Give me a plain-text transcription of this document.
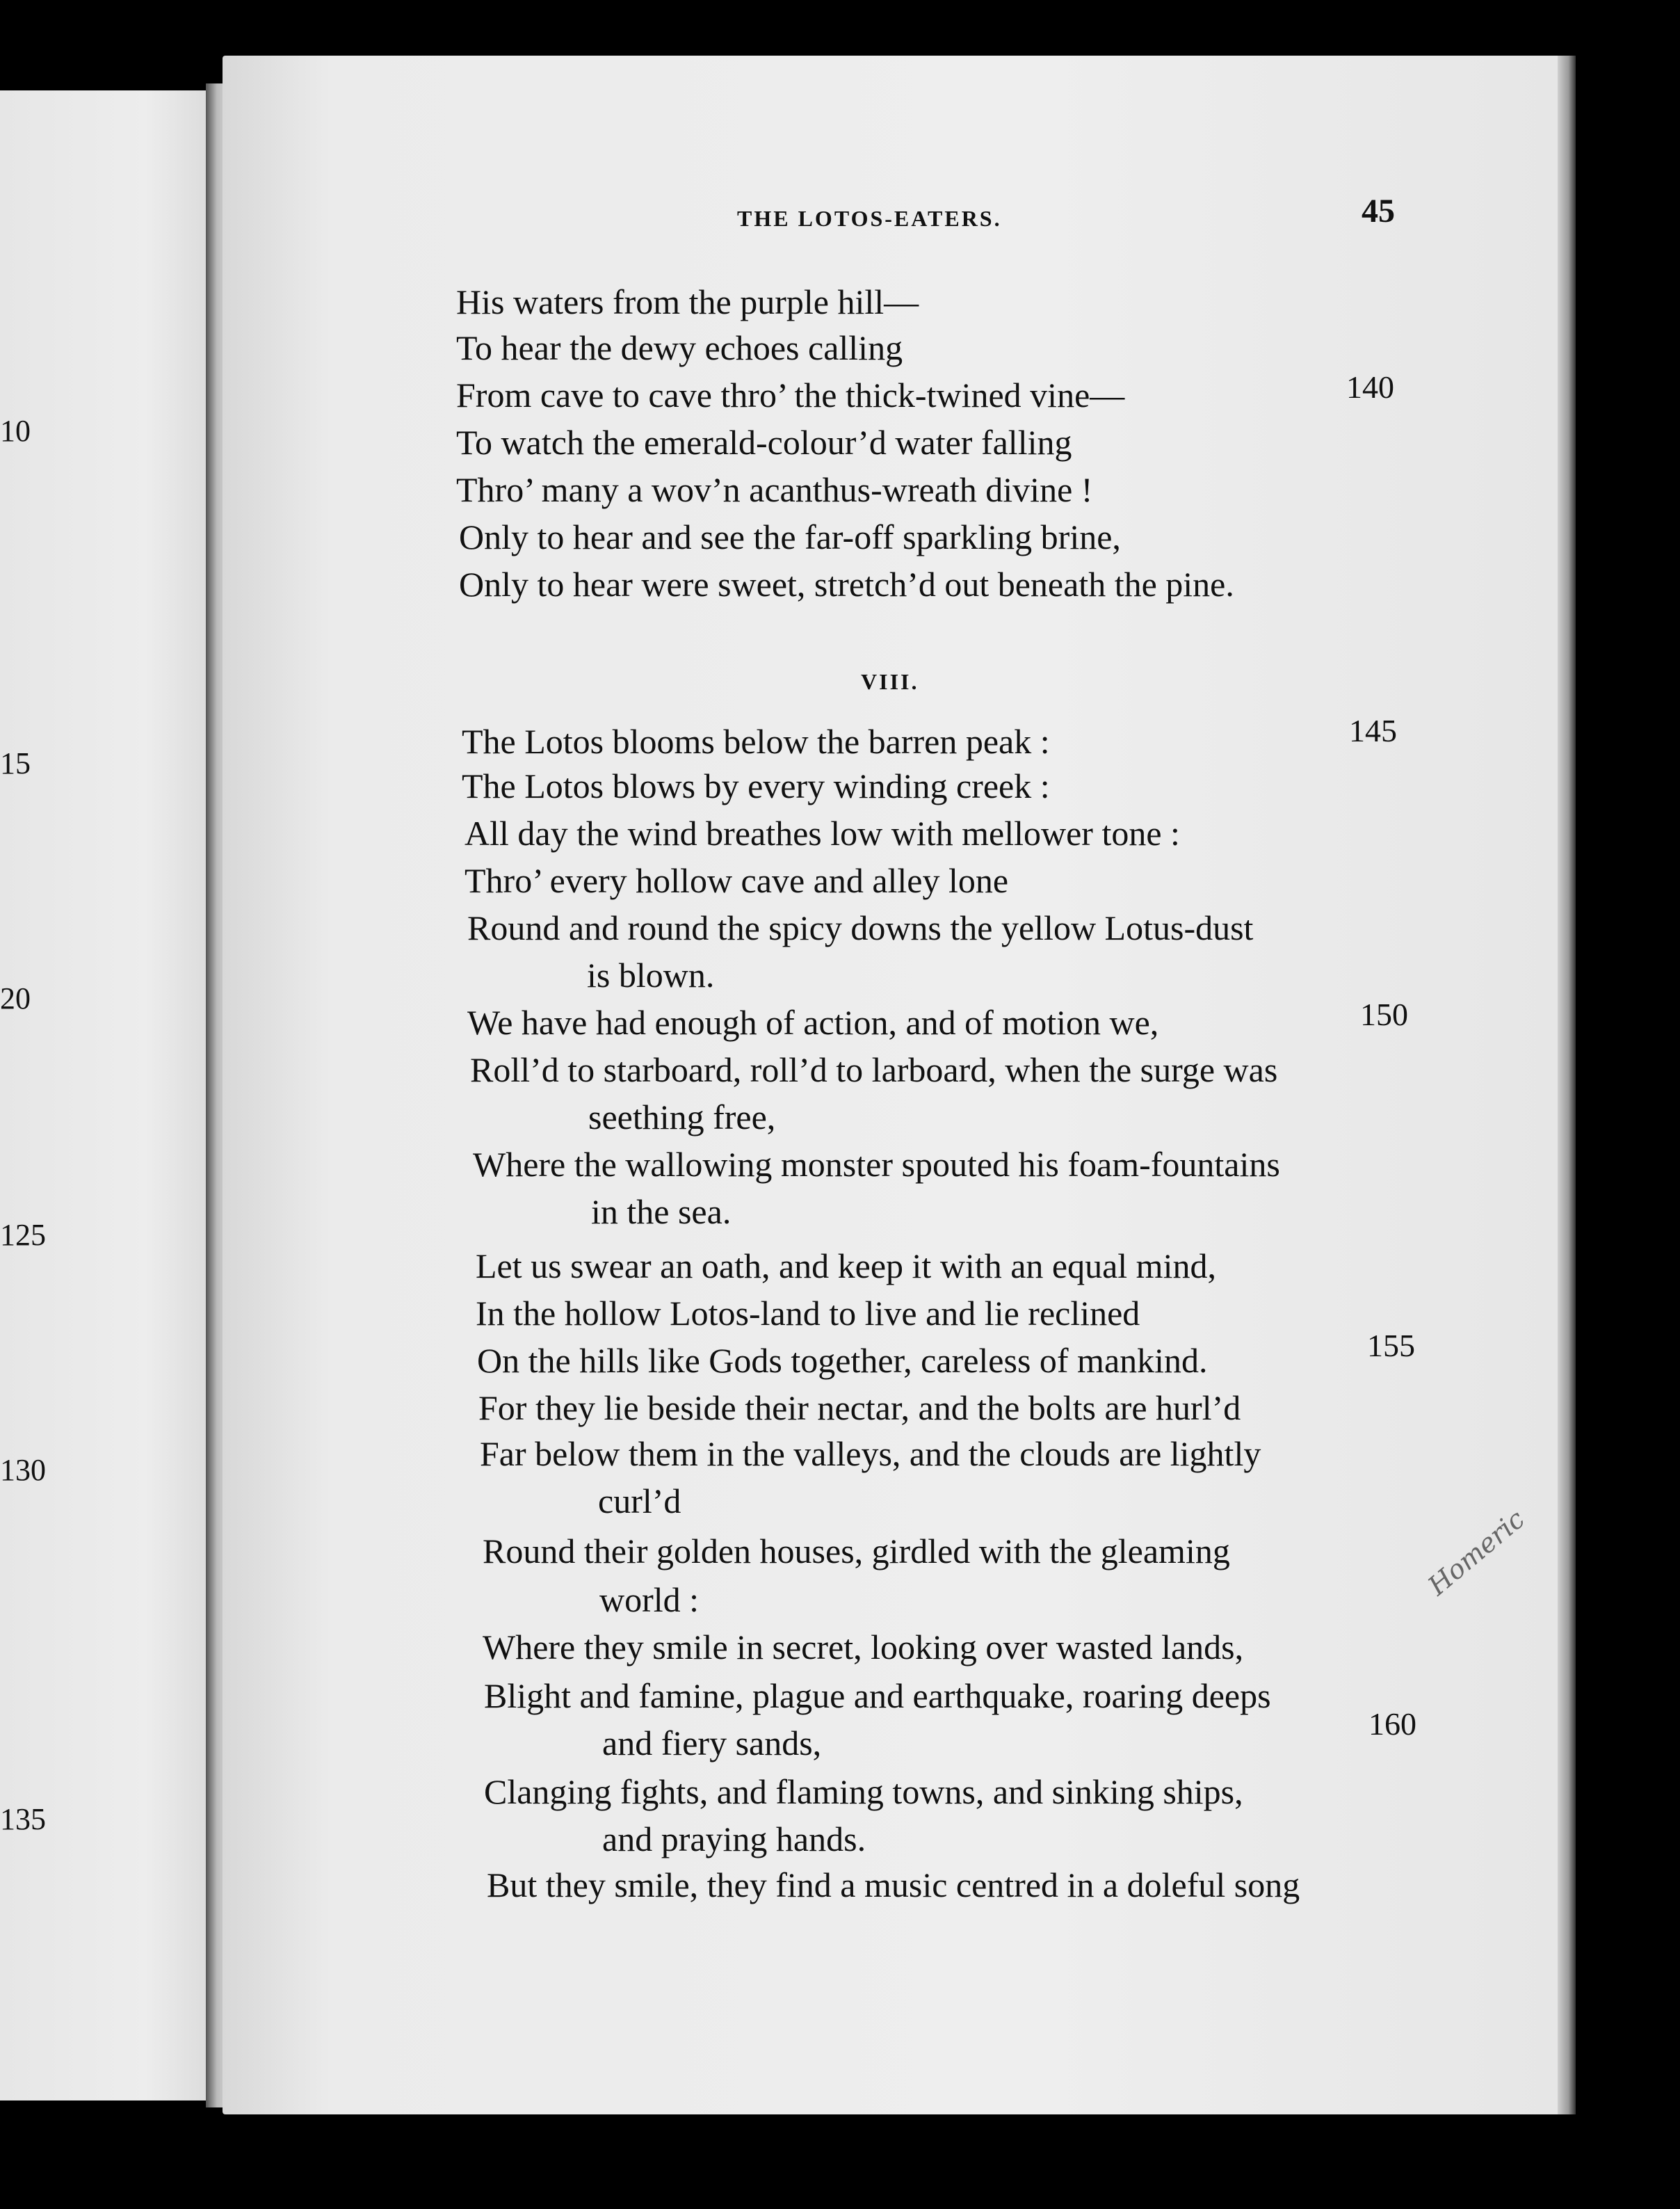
10
15
20
125
130
135
THE LOTOS-EATERS.	45
His waters from the purple hill—
To hear the dewy echoes calling
From cave to cave thro’ the thick-twined vine—
To watch the emerald-colour’d water falling
Thro’ many a wov’n acanthus-wreath divine !
Only to hear and see the far-off sparkling brine,
Only to hear were sweet, stretch’d out beneath the pine.
VIII.
The Lotos blooms below the barren peak :
The Lotos blows by every winding creek :
All day the wind breathes low with mellower tone :
Thro’ every hollow cave and alley lone
Round and round the spicy downs the yellow Lotus-dust
is blown.
We have had enough of action, and of motion we,
Roll’d to starboard, roll’d to larboard, when the surge was
seething free,
Where the wallowing monster spouted his foam-fountains
in the sea.
Let us swear an oath, and keep it with an equal mind,
In the hollow Lotos-land to live and lie reclined
On the hills like Gods together, careless of mankind.
For they lie beside their nectar, and the bolts are hurl’d
Far below them in the valleys, and the clouds are lightly
curl’d
Round their golden houses, girdled with the gleaming
world :
Where they smile in secret, looking over wasted lands,
Blight and famine, plague and earthquake, roaring deeps
and fiery sands,
Clanging fights, and flaming towns, and sinking ships,
and praying hands.
But they smile, they find a music centred in a doleful song
140
145
150
155
160
Homeric
